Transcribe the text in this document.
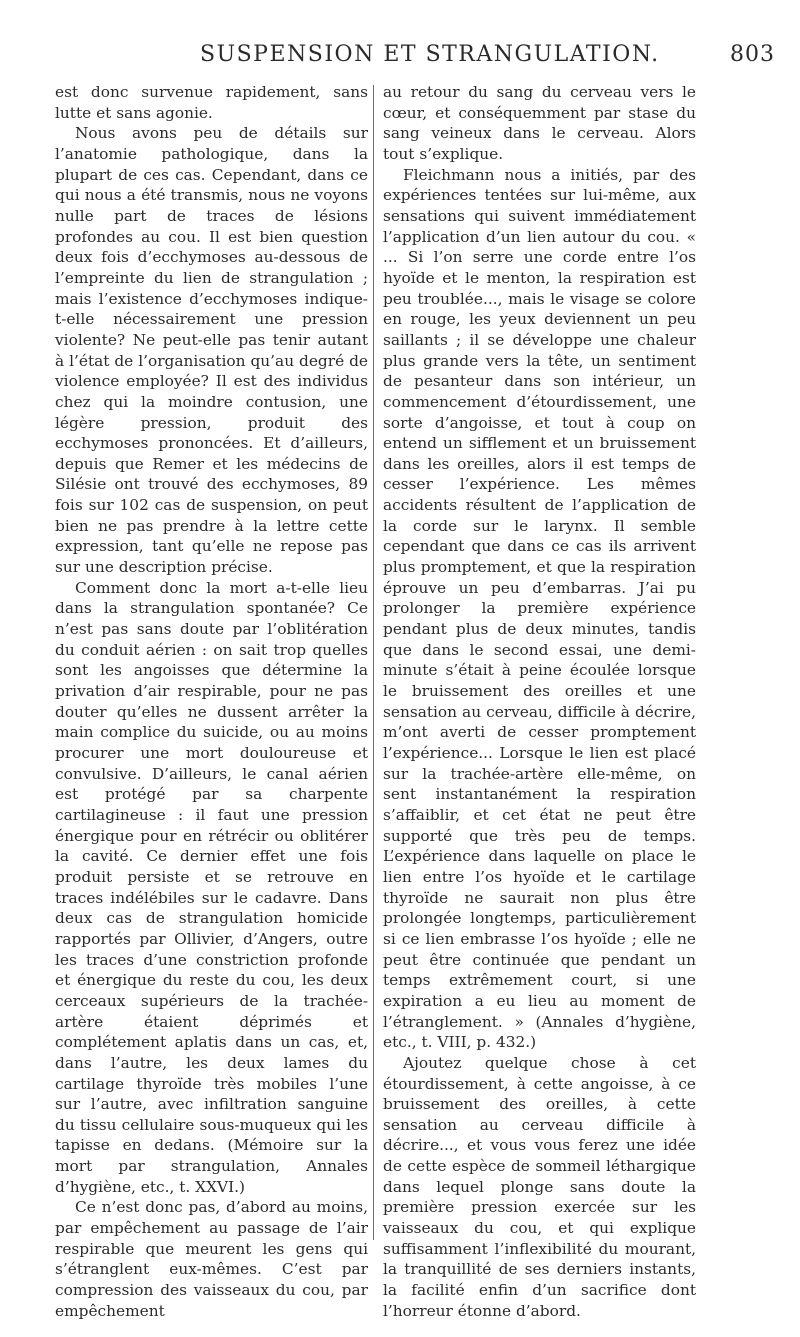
SUSPENSION ET STRANGULATION.	803

est donc survenue rapidement, sans lutte et sans agonie.

Nous avons peu de détails sur l’anatomie pathologique, dans la plupart de ces cas. Cependant, dans ce qui nous a été transmis, nous ne voyons nulle part de traces de lésions profondes au cou. Il est bien question deux fois d’ecchymoses au-dessous de l’empreinte du lien de strangulation ; mais l’existence d’ecchymoses indique-t-elle nécessairement une pression violente? Ne peut-elle pas tenir autant à l’état de l’organisation qu’au degré de violence employée? Il est des individus chez qui la moindre contusion, une légère pression, produit des ecchymoses prononcées. Et d’ailleurs, depuis que Remer et les médecins de Silésie ont trouvé des ecchymoses, 89 fois sur 102 cas de suspension, on peut bien ne pas prendre à la lettre cette expression, tant qu’elle ne repose pas sur une description précise.

Comment donc la mort a-t-elle lieu dans la strangulation spontanée? Ce n’est pas sans doute par l’oblitération du conduit aérien : on sait trop quelles sont les angoisses que détermine la privation d’air respirable, pour ne pas douter qu’elles ne dussent arrêter la main complice du suicide, ou au moins procurer une mort douloureuse et convulsive. D’ailleurs, le canal aérien est protégé par sa charpente cartilagineuse : il faut une pression énergique pour en rétrécir ou oblitérer la cavité. Ce dernier effet une fois produit persiste et se retrouve en traces indélébiles sur le cadavre. Dans deux cas de strangulation homicide rapportés par Ollivier, d’Angers, outre les traces d’une constriction profonde et énergique du reste du cou, les deux cerceaux supérieurs de la trachée-artère étaient déprimés et complétement aplatis dans un cas, et, dans l’autre, les deux lames du cartilage thyroïde très mobiles l’une sur l’autre, avec infiltration sanguine du tissu cellulaire sous-muqueux qui les tapisse en dedans. (Mémoire sur la mort par strangulation, Annales d’hygiène, etc., t. XXVI.)

Ce n’est donc pas, d’abord au moins, par empêchement au passage de l’air respirable que meurent les gens qui s’étranglent eux-mêmes. C’est par compression des vaisseaux du cou, par empêchement

au retour du sang du cerveau vers le cœur, et conséquemment par stase du sang veineux dans le cerveau. Alors tout s’explique.

Fleichmann nous a initiés, par des expériences tentées sur lui-même, aux sensations qui suivent immédiatement l’application d’un lien autour du cou. « ... Si l’on serre une corde entre l’os hyoïde et le menton, la respiration est peu troublée..., mais le visage se colore en rouge, les yeux deviennent un peu saillants ; il se développe une chaleur plus grande vers la tête, un sentiment de pesanteur dans son intérieur, un commencement d’étourdissement, une sorte d’angoisse, et tout à coup on entend un sifflement et un bruissement dans les oreilles, alors il est temps de cesser l’expérience. Les mêmes accidents résultent de l’application de la corde sur le larynx. Il semble cependant que dans ce cas ils arrivent plus promptement, et que la respiration éprouve un peu d’embarras. J’ai pu prolonger la première expérience pendant plus de deux minutes, tandis que dans le second essai, une demi-minute s’était à peine écoulée lorsque le bruissement des oreilles et une sensation au cerveau, difficile à décrire, m’ont averti de cesser promptement l’expérience... Lorsque le lien est placé sur la trachée-artère elle-même, on sent instantanément la respiration s’affaiblir, et cet état ne peut être supporté que très peu de temps. L’expérience dans laquelle on place le lien entre l’os hyoïde et le cartilage thyroïde ne saurait non plus être prolongée longtemps, particulièrement si ce lien embrasse l’os hyoïde ; elle ne peut être continuée que pendant un temps extrêmement court, si une expiration a eu lieu au moment de l’étranglement. » (Annales d’hygiène, etc., t. VIII, p. 432.)

Ajoutez quelque chose à cet étourdissement, à cette angoisse, à ce bruissement des oreilles, à cette sensation au cerveau difficile à décrire..., et vous vous ferez une idée de cette espèce de sommeil léthargique dans lequel plonge sans doute la première pression exercée sur les vaisseaux du cou, et qui explique suffisamment l’inflexibilité du mourant, la tranquillité de ses derniers instants, la facilité enfin d’un sacrifice dont l’horreur étonne d’abord.
